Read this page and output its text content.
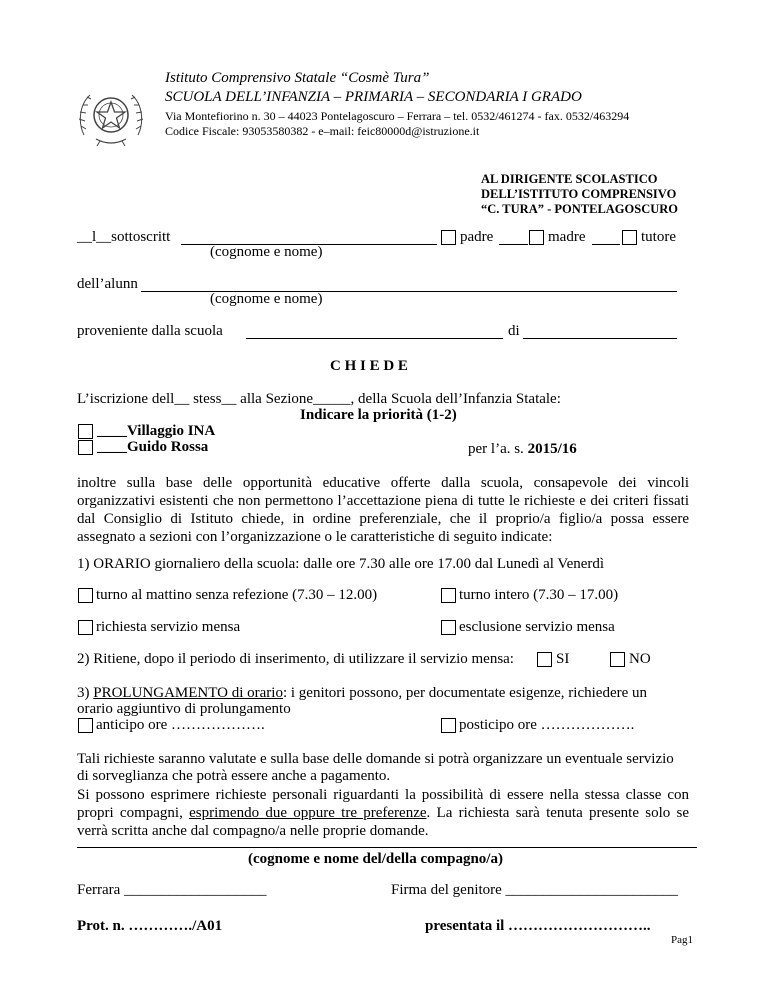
Istituto Comprensivo Statale “Cosmè Tura”
SCUOLA DELL’INFANZIA – PRIMARIA – SECONDARIA I GRADO
Via Montefiorino n. 30 – 44023 Pontelagoscuro – Ferrara – tel. 0532/461274 - fax. 0532/463294
Codice Fiscale: 93053580382 - e–mail: feic80000d@istruzione.it
AL DIRIGENTE SCOLASTICO
DELL’ISTITUTO COMPRENSIVO
“C. TURA” - PONTELAGOSCURO
__l__sottoscritt	padre	madre	tutore
(cognome e nome)
dell’alunn
(cognome e nome)
proveniente dalla scuola	di
C H I E D E
L’iscrizione dell__ stess__ alla Sezione_____, della Scuola dell’Infanzia Statale:
Indicare la priorità (1-2)
____Villaggio INA
____Guido Rossa	per l’a. s. 2015/16
inoltre sulla base delle opportunità educative offerte dalla scuola, consapevole dei vincoli organizzativi esistenti che non permettono l’accettazione piena di tutte le richieste e dei criteri fissati dal Consiglio di Istituto chiede, in ordine preferenziale, che il proprio/a figlio/a possa essere assegnato a sezioni con l’organizzazione o le caratteristiche di seguito indicate:
1) ORARIO giornaliero della scuola: dalle ore 7.30 alle ore 17.00 dal Lunedì al Venerdì
turno al mattino senza refezione (7.30 – 12.00)	turno intero (7.30 – 17.00)
richiesta servizio mensa	esclusione servizio mensa
2) Ritiene, dopo il periodo di inserimento, di utilizzare il servizio mensa:	SI	NO
3) PROLUNGAMENTO di orario: i genitori possono, per documentate esigenze, richiedere un
orario aggiuntivo di prolungamento
anticipo ore ……………….	posticipo ore ……………….
Tali richieste saranno valutate e sulla base delle domande si potrà organizzare un eventuale servizio
di sorveglianza che potrà essere anche a pagamento.
Si possono esprimere richieste personali riguardanti la possibilità di essere nella stessa classe con propri compagni, esprimendo due oppure tre preferenze. La richiesta sarà tenuta presente solo se verrà scritta anche dal compagno/a nelle proprie domande.
(cognome e nome del/della compagno/a)
Ferrara ___________________	Firma del genitore _______________________
Prot. n. …………./A01	presentata il ………………………..
Pag1
